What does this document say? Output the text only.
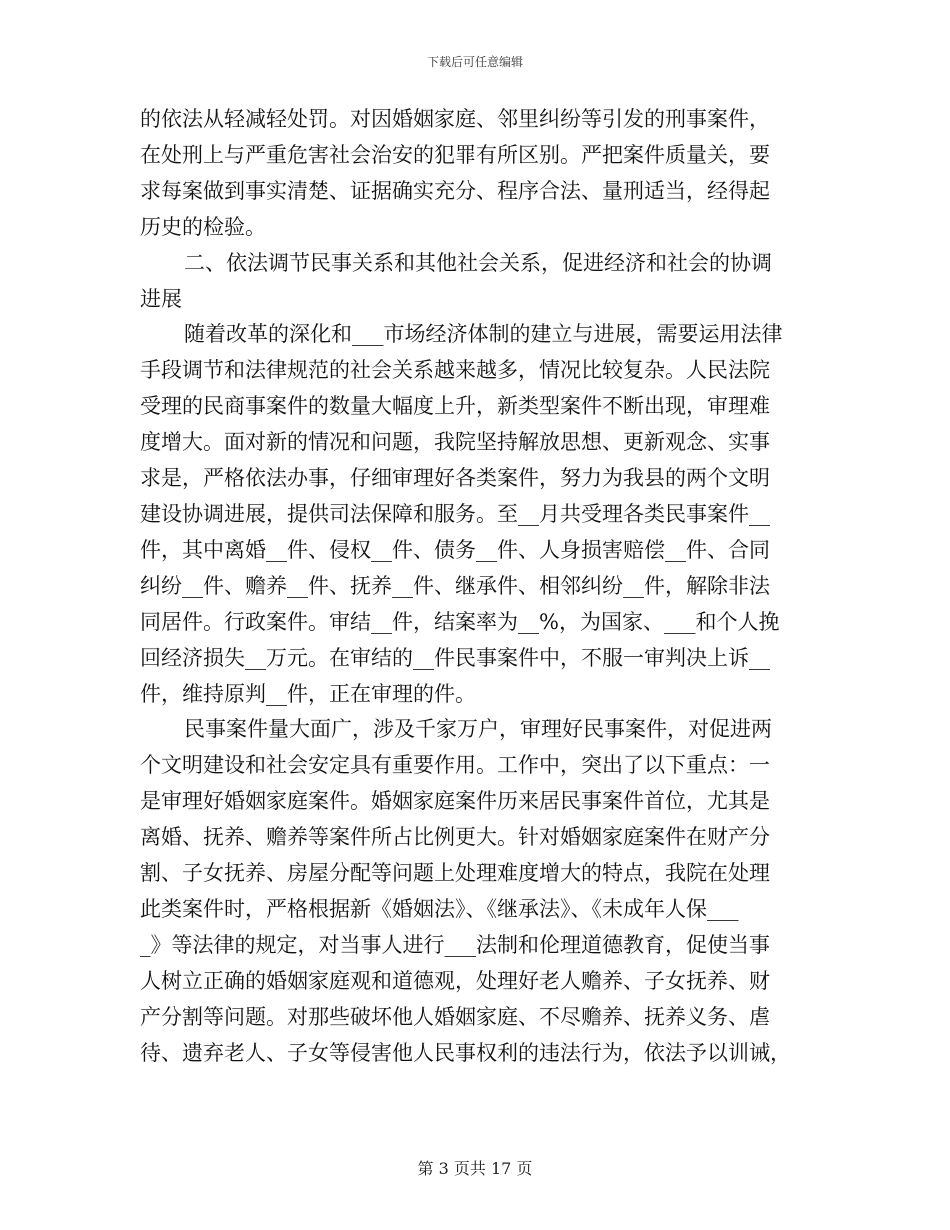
下载后可任意编辑
的依法从轻减轻处罚。对因婚姻家庭、邻里纠纷等引发的刑事案件，
在处刑上与严重危害社会治安的犯罪有所区别。严把案件质量关，要
求每案做到事实清楚、证据确实充分、程序合法、量刑适当，经得起
历史的检验。
二、依法调节民事关系和其他社会关系，促进经济和社会的协调
进展
随着改革的深化和___市场经济体制的建立与进展，需要运用法律
手段调节和法律规范的社会关系越来越多，情况比较复杂。人民法院
受理的民商事案件的数量大幅度上升，新类型案件不断出现，审理难
度增大。面对新的情况和问题，我院坚持解放思想、更新观念、实事
求是，严格依法办事，仔细审理好各类案件，努力为我县的两个文明
建设协调进展，提供司法保障和服务。至__月共受理各类民事案件__
件，其中离婚__件、侵权__件、债务__件、人身损害赔偿__件、合同
纠纷__件、赡养__件、抚养__件、继承件、相邻纠纷__件，解除非法
同居件。行政案件。审结__件，结案率为__%，为国家、___和个人挽
回经济损失__万元。在审结的__件民事案件中，不服一审判决上诉__
件，维持原判__件，正在审理的件。
民事案件量大面广，涉及千家万户，审理好民事案件，对促进两
个文明建设和社会安定具有重要作用。工作中，突出了以下重点：一
是审理好婚姻家庭案件。婚姻家庭案件历来居民事案件首位，尤其是
离婚、抚养、赡养等案件所占比例更大。针对婚姻家庭案件在财产分
割、子女抚养、房屋分配等问题上处理难度增大的特点，我院在处理
此类案件时，严格根据新《婚姻法》、《继承法》、《未成年人保___
_》等法律的规定，对当事人进行___法制和伦理道德教育，促使当事
人树立正确的婚姻家庭观和道德观，处理好老人赡养、子女抚养、财
产分割等问题。对那些破坏他人婚姻家庭、不尽赡养、抚养义务、虐
待、遗弃老人、子女等侵害他人民事权利的违法行为，依法予以训诫，
第 3 页共 17 页
